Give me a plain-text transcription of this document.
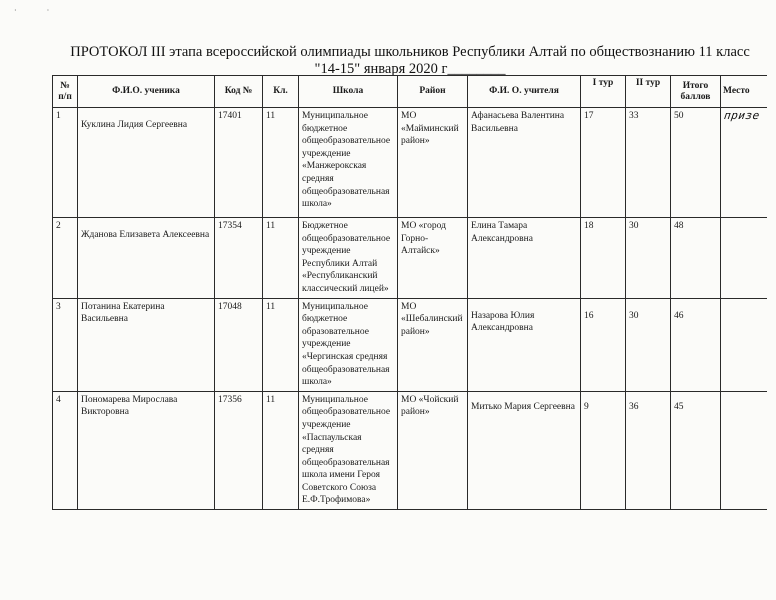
· ·
ПРОТОКОЛ III этапа всероссийской олимпиады школьников Республики Алтай по обществознанию 11 класс
"14-15" января 2020 г________
№ п/п	Ф.И.О. ученика	Код №	Кл.	Школа	Район	Ф.И. О. учителя	I тур	II тур	Итого баллов	Место
1	Куклина Лидия Сергеевна	17401	11	Муниципальное бюджетное общеобразовательное учреждение «Манжерокская средняя общеобразовательная школа»	МО «Майминский район»	Афанасьева Валентина Васильевна	17	33	50	призе
2	Жданова Елизавета Алексеевна	17354	11	Бюджетное общеобразовательное учреждение Республики Алтай «Республиканский классический лицей»	МО «город Горно-Алтайск»	Елина Тамара Александровна	18	30	48	
3	Потанина Екатерина Васильевна	17048	11	Муниципальное бюджетное образовательное учреждение «Чергинская средняя общеобразовательная школа»	МО «Шебалинский район»	Назарова Юлия Александровна	16	30	46	
4	Пономарева Мирослава Викторовна	17356	11	Муниципальное общеобразовательное учреждение «Паспаульская средняя общеобразовательная школа имени Героя Советского Союза Е.Ф.Трофимова»	МО «Чойский район»	Митько Мария Сергеевна	9	36	45	
